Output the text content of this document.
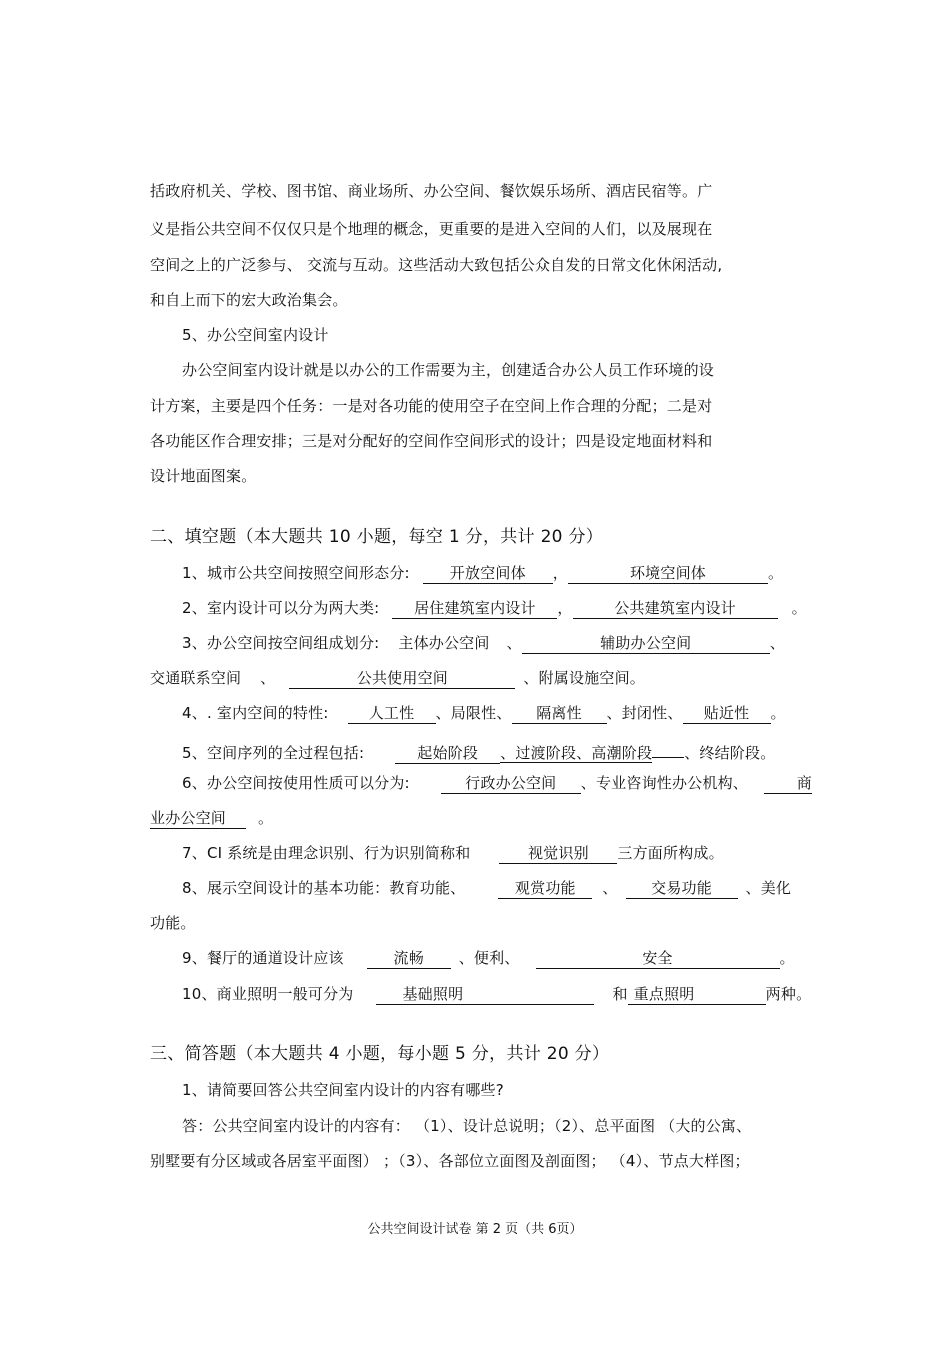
括政府机关、学校、图书馆、商业场所、办公空间、餐饮娱乐场所、酒店民宿等。广
义是指公共空间不仅仅只是个地理的概念，更重要的是进入空间的人们，以及展现在
空间之上的广泛参与、 交流与互动。这些活动大致包括公众自发的日常文化休闲活动,
和自上而下的宏大政治集会。
5、办公空间室内设计
办公空间室内设计就是以办公的工作需要为主，创建适合办公人员工作环境的设
计方案，主要是四个任务：一是对各功能的使用空子在空间上作合理的分配；二是对
各功能区作合理安排；三是对分配好的空间作空间形式的设计；四是设定地面材料和
设计地面图案。
二、填空题（本大题共 10 小题，每空 1 分，共计 20 分）
1、城市公共空间按照空间形态分:	开放空间体 ，	环境空间体	。
2、室内设计可以分为两大类: 居住建筑室内设计 ，	公共建筑室内设计	。
3、办公空间按空间组成划分: 主体办公空间 、	辅助办公空间	、
交通联系空间 、	公共使用空间	、附属设施空间。
4、. 室内空间的特性:	人工性 、局限性、 隔离性 、封闭性、 贴近性 。
5、空间序列的全过程包括:	起始阶段 、过渡阶段、高潮阶段 、终结阶段。
6、办公空间按使用性质可以分为:	行政办公空间 、专业咨询性办公机构、	商
业办公空间 。
7、CI 系统是由理念识别、行为识别简称和	视觉识别 三方面所构成。
8、展示空间设计的基本功能：教育功能、	观赏功能 、 交易功能 、美化
功能。
9、餐厅的通道设计应该	流畅 、便利、	安全	。
10、商业照明一般可分为	基础照明	和 重点照明	两种。
三、简答题（本大题共 4 小题，每小题 5 分，共计 20 分）
1、请简要回答公共空间室内设计的内容有哪些?
答：公共空间室内设计的内容有： （1）、设计总说明；（2）、总平面图 （大的公寓、
别墅要有分区域或各居室平面图） ；（3）、各部位立面图及剖面图； （4）、节点大样图；
公共空间设计试卷 第 2 页（共 6页）
